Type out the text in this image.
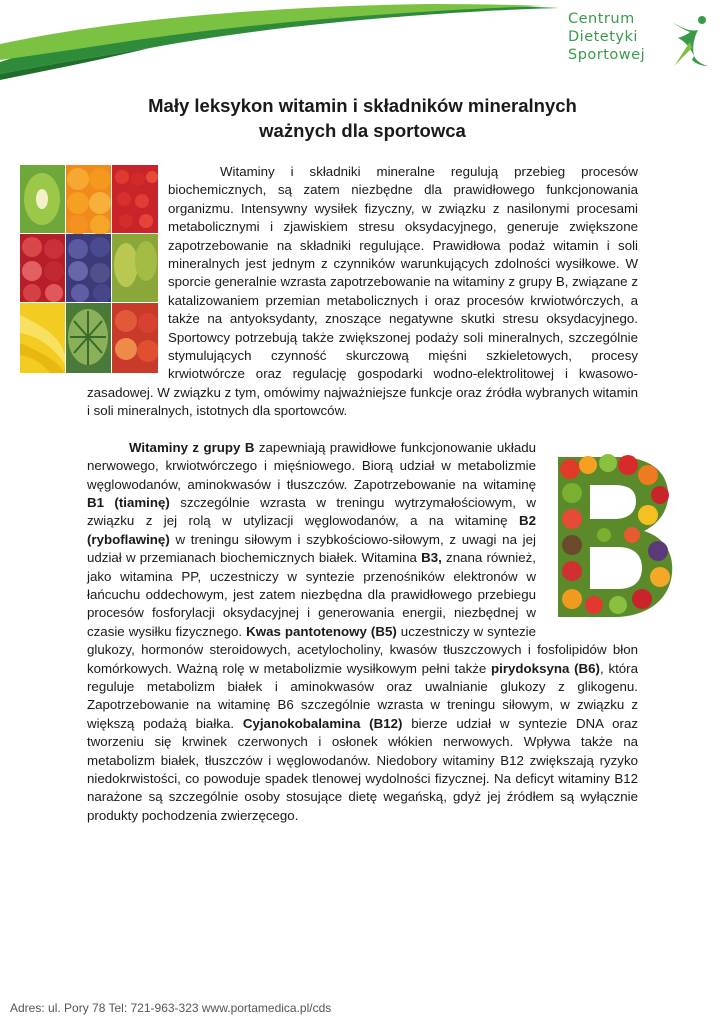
Centrum
Dietetyki
Sportowej
Mały leksykon witamin i składników mineralnych
ważnych dla sportowca

Witaminy i składniki mineralne regulują przebieg procesów biochemicznych, są zatem niezbędne dla prawidłowego funkcjonowania organizmu. Intensywny wysiłek fizyczny, w związku z nasilonymi procesami metabolicznymi i zjawiskiem stresu oksydacyjnego, generuje zwiększone zapotrzebowanie na składniki regulujące. Prawidłowa podaż witamin i soli mineralnych jest jednym z czynników warunkujących zdolności wysiłkowe. W sporcie generalnie wzrasta zapotrzebowanie na witaminy z grupy B, związane z katalizowaniem przemian metabolicznych i oraz procesów krwiotwórczych, a także na antyoksydanty, znoszące negatywne skutki stresu oksydacyjnego. Sportowcy potrzebują także zwiększonej podaży soli mineralnych, szczególnie stymulujących czynność skurczową mięśni szkieletowych, procesy krwiotwórcze oraz regulację gospodarki wodno-elektrolitowej i kwasowo-zasadowej. W związku z tym, omówimy najważniejsze funkcje oraz źródła wybranych witamin i soli mineralnych, istotnych dla sportowców.

Witaminy z grupy B zapewniają prawidłowe funkcjonowanie układu nerwowego, krwiotwórczego i mięśniowego. Biorą udział w metabolizmie węglowodanów, aminokwasów i tłuszczów. Zapotrzebowanie na witaminę B1 (tiaminę) szczególnie wzrasta w treningu wytrzymałościowym, w związku z jej rolą w utylizacji węglowodanów, a na witaminę B2 (ryboflawinę) w treningu siłowym i szybkościowo-siłowym, z uwagi na jej udział w przemianach biochemicznych białek. Witamina B3, znana również, jako witamina PP, uczestniczy w syntezie przenośników elektronów w łańcuchu oddechowym, jest zatem niezbędna dla prawidłowego przebiegu procesów fosforylacji oksydacyjnej i generowania energii, niezbędnej w czasie wysiłku fizycznego. Kwas pantotenowy (B5) uczestniczy w syntezie glukozy, hormonów steroidowych, acetylocholiny, kwasów tłuszczowych i fosfolipidów błon komórkowych. Ważną rolę w metabolizmie wysiłkowym pełni także pirydoksyna (B6), która reguluje metabolizm białek i aminokwasów oraz uwalnianie glukozy z glikogenu. Zapotrzebowanie na witaminę B6 szczególnie wzrasta w treningu siłowym, w związku z większą podażą białka. Cyjanokobalamina (B12) bierze udział w syntezie DNA oraz tworzeniu się krwinek czerwonych i osłonek włókien nerwowych. Wpływa także na metabolizm białek, tłuszczów i węglowodanów. Niedobory witaminy B12 zwiększają ryzyko niedokrwistości, co powoduje spadek tlenowej wydolności fizycznej. Na deficyt witaminy B12 narażone są szczególnie osoby stosujące dietę wegańską, gdyż jej źródłem są wyłącznie produkty pochodzenia zwierzęcego.

Adres: ul. Pory 78 Tel: 721-963-323 www.portamedica.pl/cds
